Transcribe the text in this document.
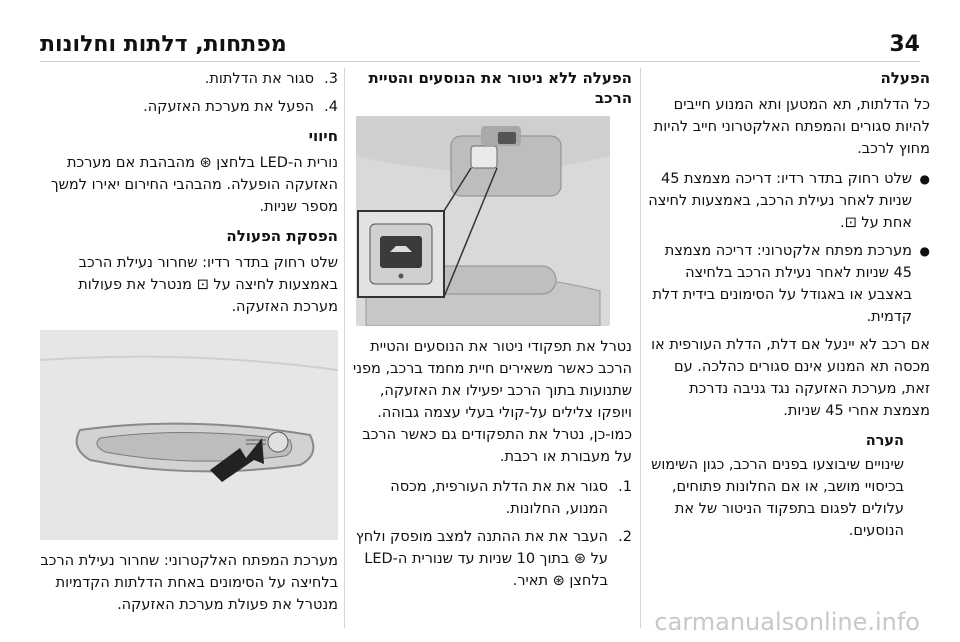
34
מפתחות, דלתות וחלונות
הפעלה

כל הדלתות, תא המטען ותא המנוע חייבים להיות סגורים והמפתח האלקטרוני חייב להיות מחוץ לרכב.

● שלט רחוק בתדר רדיו: דריכה מצמצת 45 שניות לאחר נעילת הרכב, באמצעות לחיצה אחת על ⊡.
● מערכת מפתח אלקטרוני: דריכה מצמצת 45 שניות לאחר נעילת הרכב בלחיצה באצבע או באגודל על הסימונים בידית דלת קדמית.

אם רכב לא יינעל אם דלת, הדלת העורפית או מכסה תא המנוע אינם סגורים כהלכה. עם זאת, מערכת האזעקה נגד גניבה נדרכת מצמצת אחרי 45 שניות.

הערה

שינויים שיבוצעו בפנים הרכב, כגון השימוש בכיסויי מושב, או אם החלונות פתוחים, עלולים לפגום בתפקוד הניטור של את הנוסעים.

הפעלה ללא ניטור את הנוסעים והטיית הרכב

נטרל את תפקודי ניטור את הנוסעים והטיית הרכב כאשר משאירים חיית מחמד ברכב, מפני שתנועות בתוך הרכב יפעילו את האזעקה, ויופקו צלילים על-קולי בעלי עצמה גבוהה. כמו-כן, נטרל את התפקודים גם כאשר הרכב על מעבורת או רכבת.

1.
סגור את את הדלת העורפית, מכסה המנוע, החלונות.
2.
העבר את את ההתנה למצב מופסק ולחץ על ⊛ בתוך 10 שניות עד שנורית ה-LED בלחצן ⊛ תאיר.
3.
סגור את הדלתות.
4.
הפעל את מערכת האזעקה.
חיווי

נורית ה-LED בלחצן ⊛ מהבהבת אם מערכת האזעקה הופעלה. מהבהבי החירום יאירו למשך מספר שניות.

הפסקת הפעולה

שלט רחוק בתדר רדיו: שחרור נעילת הרכב באמצעות לחיצה על ⊡ מנטרל את פעולות מערכת האזעקה.

מערכת המפתח האלקטרוני: שחרור נעילת הרכב בלחיצה על הסימונים באחת הדלתות הקדמיות מנטרל את פעולת מערכת האזעקה.

carmanualsonline.info
